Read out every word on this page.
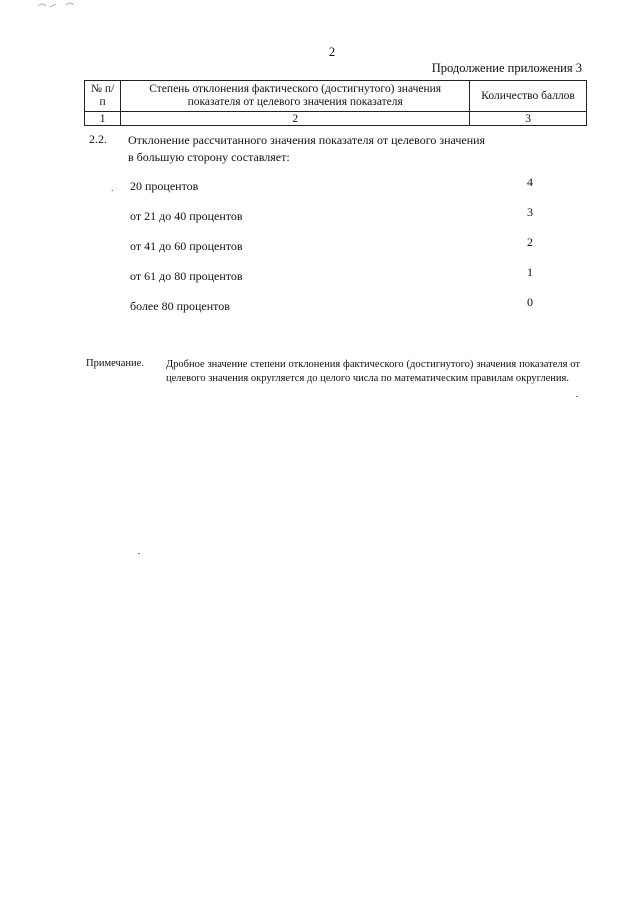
2
Продолжение приложения 3
№ п/п	Степень отклонения фактического (достигнутого) значения показателя от целевого значения показателя	Количество баллов
1	2	3
2.2. Отклонение рассчитанного значения показателя от целевого значения в большую сторону составляет:
. 20 процентов	4
от 21 до 40 процентов	3
от 41 до 60 процентов	2
от 61 до 80 процентов	1
более 80 процентов	0
Примечание. Дробное значение степени отклонения фактического (достигнутого) значения показателя от целевого значения округляется до целого числа по математическим правилам округления.
